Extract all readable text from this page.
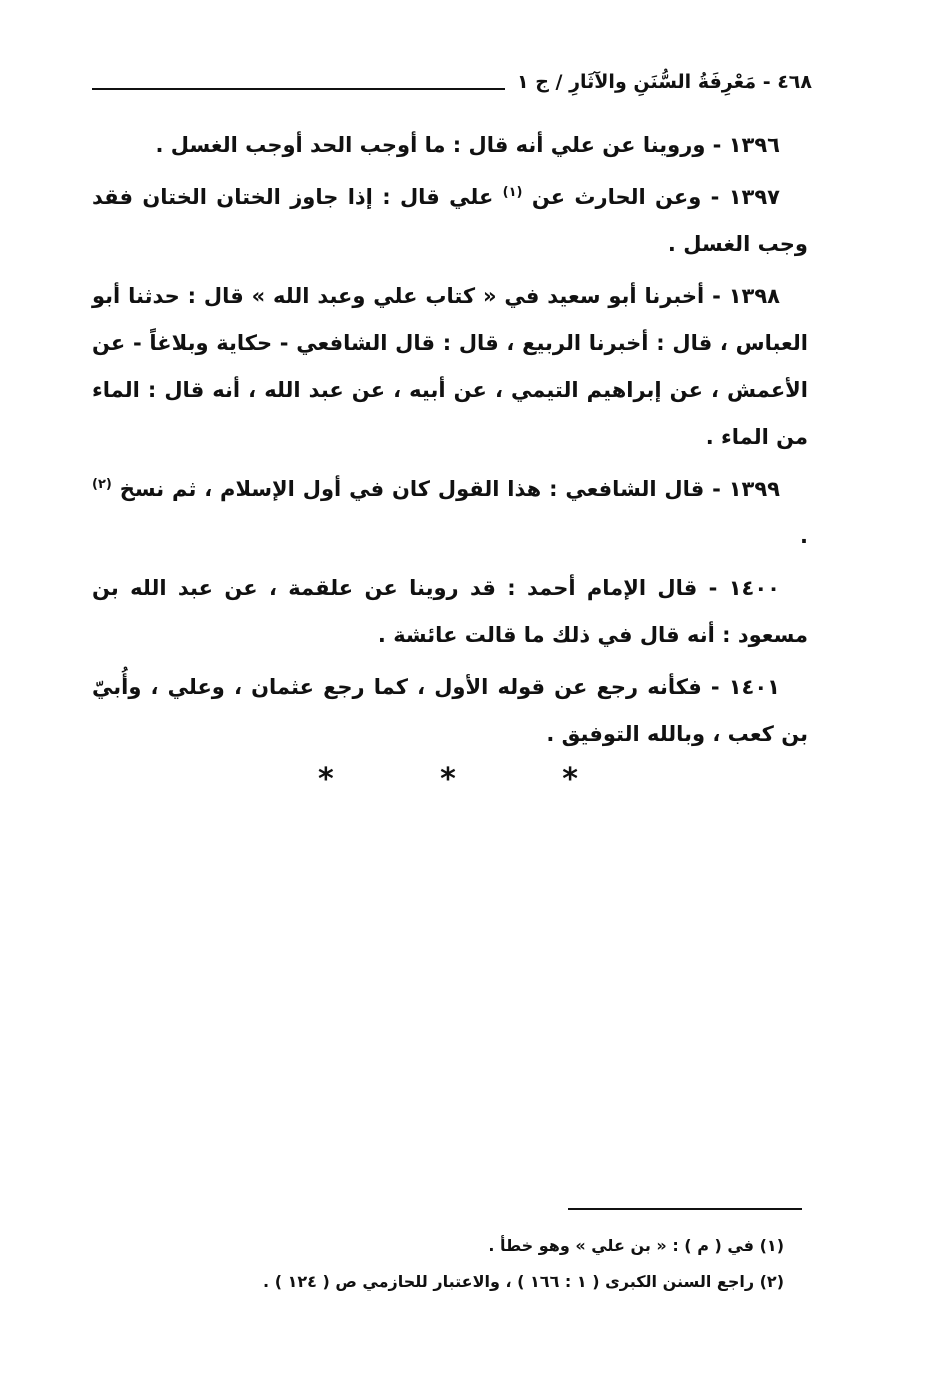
٤٦٨ - مَعْرِفَةُ السُّنَنِ والآثَارِ / ج ١

١٣٩٦ - وروينا عن علي أنه قال : ما أوجب الحد أوجب الغسل .

١٣٩٧ - وعن الحارث عن $^{(١)}$ علي قال : إذا جاوز الختان الختان فقد وجب الغسل .

١٣٩٨ - أخبرنا أبو سعيد في « كتاب علي وعبد الله » قال : حدثنا أبو العباس ، قال : أخبرنا الربيع ، قال : قال الشافعي - حكاية وبلاغاً - عن الأعمش ، عن إبراهيم التيمي ، عن أبيه ، عن عبد الله ، أنه قال : الماء من الماء .

١٣٩٩ - قال الشافعي : هذا القول كان في أول الإسلام ، ثم نسخ $^{(٢)}$ .

١٤٠٠ - قال الإمام أحمد : قد روينا عن علقمة ، عن عبد الله بن مسعود : أنه قال في ذلك ما قالت عائشة .

١٤٠١ - فكأنه رجع عن قوله الأول ، كما رجع عثمان ، وعلي ، وأُبيّ بن كعب ، وبالله التوفيق .

* * *
(١) في ( م ) : « بن علي » وهو خطأ .
(٢) راجع السنن الكبرى ( ١ : ١٦٦ ) ، والاعتبار للحازمي ص ( ١٢٤ ) .
